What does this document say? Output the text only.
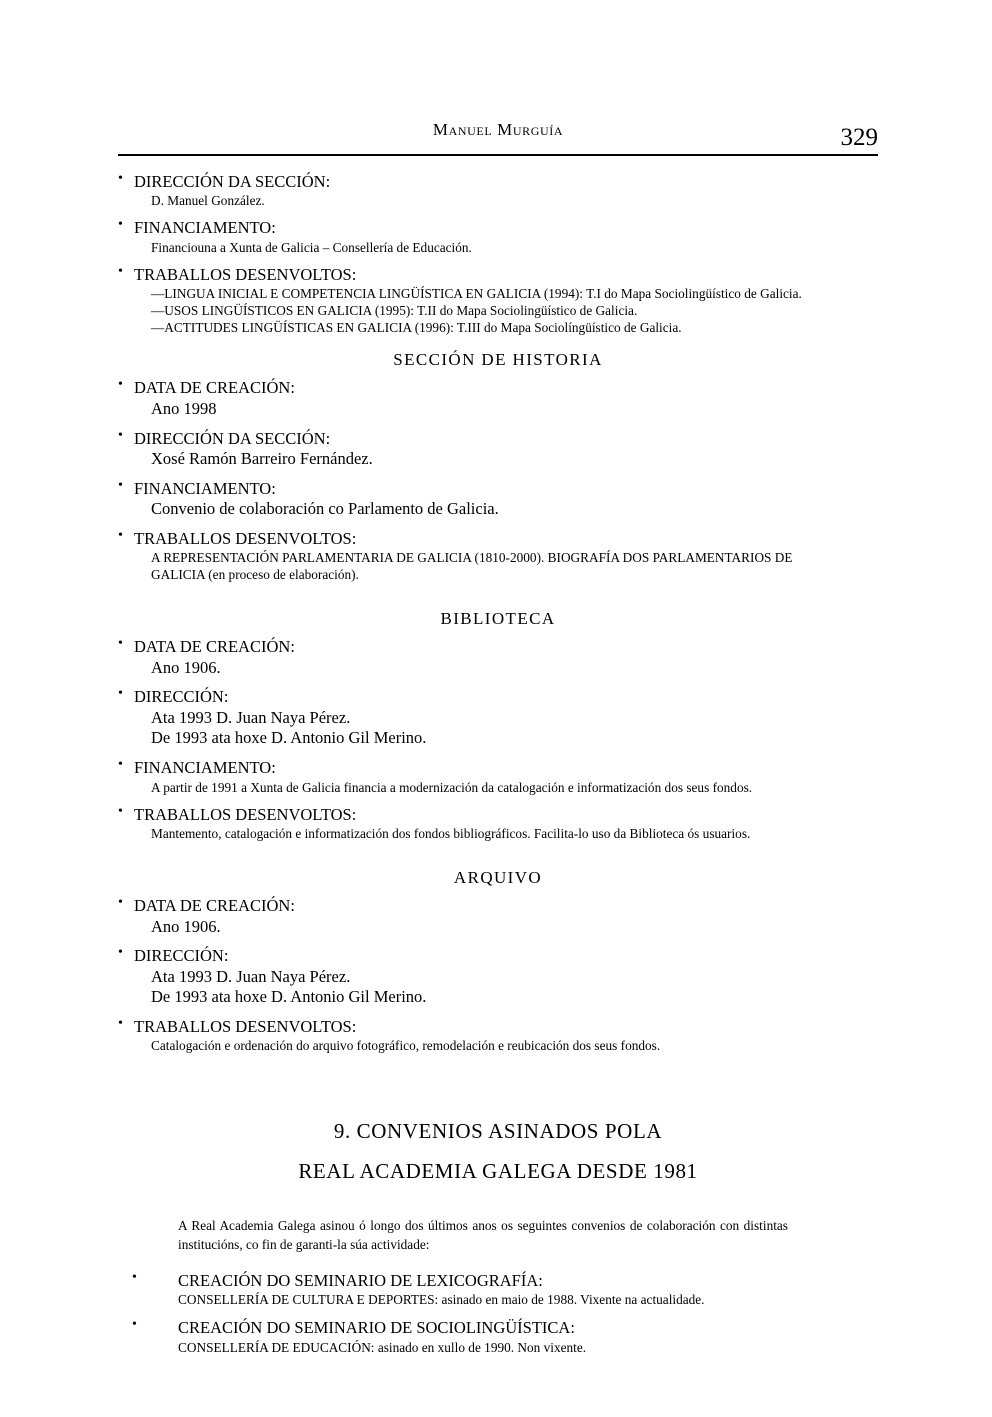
Manuel Murguía	329
• DIRECCIÓN DA SECCIÓN:
D. Manuel González.
• FINANCIAMENTO:
Financiouna a Xunta de Galicia – Consellería de Educación.
• TRABALLOS DESENVOLTOS:
—LINGUA INICIAL E COMPETENCIA LINGÜÍSTICA EN GALICIA (1994): T.I do Mapa Sociolingüístico de Galicia.
—USOS LINGÜÍSTICOS EN GALICIA (1995): T.II do Mapa Sociolingüístico de Galicia.
—ACTITUDES LINGÜÍSTICAS EN GALICIA (1996): T.III do Mapa Sociolíngüístico de Galicia.
SECCIÓN DE HISTORIA
• DATA DE CREACIÓN:
Ano 1998
• DIRECCIÓN DA SECCIÓN:
Xosé Ramón Barreiro Fernández.
• FINANCIAMENTO:
Convenio de colaboración co Parlamento de Galicia.
• TRABALLOS DESENVOLTOS:
A REPRESENTACIÓN PARLAMENTARIA DE GALICIA (1810-2000). BIOGRAFÍA DOS PARLAMENTARIOS DE
GALICIA (en proceso de elaboración).
BIBLIOTECA
• DATA DE CREACIÓN:
Ano 1906.
• DIRECCIÓN:
Ata 1993 D. Juan Naya Pérez.
De 1993 ata hoxe D. Antonio Gil Merino.
• FINANCIAMENTO:
A partir de 1991 a Xunta de Galicia financia a modernización da catalogación e informatización dos seus fondos.
• TRABALLOS DESENVOLTOS:
Mantemento, catalogación e informatización dos fondos bibliográficos. Facilita-lo uso da Biblioteca ós usuarios.
ARQUIVO
• DATA DE CREACIÓN:
Ano 1906.
• DIRECCIÓN:
Ata 1993 D. Juan Naya Pérez.
De 1993 ata hoxe D. Antonio Gil Merino.
• TRABALLOS DESENVOLTOS:
Catalogación e ordenación do arquivo fotográfico, remodelación e reubicación dos seus fondos.
9. CONVENIOS ASINADOS POLA
REAL ACADEMIA GALEGA DESDE 1981
A Real Academia Galega asinou ó longo dos últimos anos os seguintes convenios de colaboración con distintas institucións, co fin de garanti-la súa actividade:
• CREACIÓN DO SEMINARIO DE LEXICOGRAFÍA:
CONSELLERÍA DE CULTURA E DEPORTES: asinado en maio de 1988. Vixente na actualidade.
• CREACIÓN DO SEMINARIO DE SOCIOLINGÜÍSTICA:
CONSELLERÍA DE EDUCACIÓN: asinado en xullo de 1990. Non vixente.
